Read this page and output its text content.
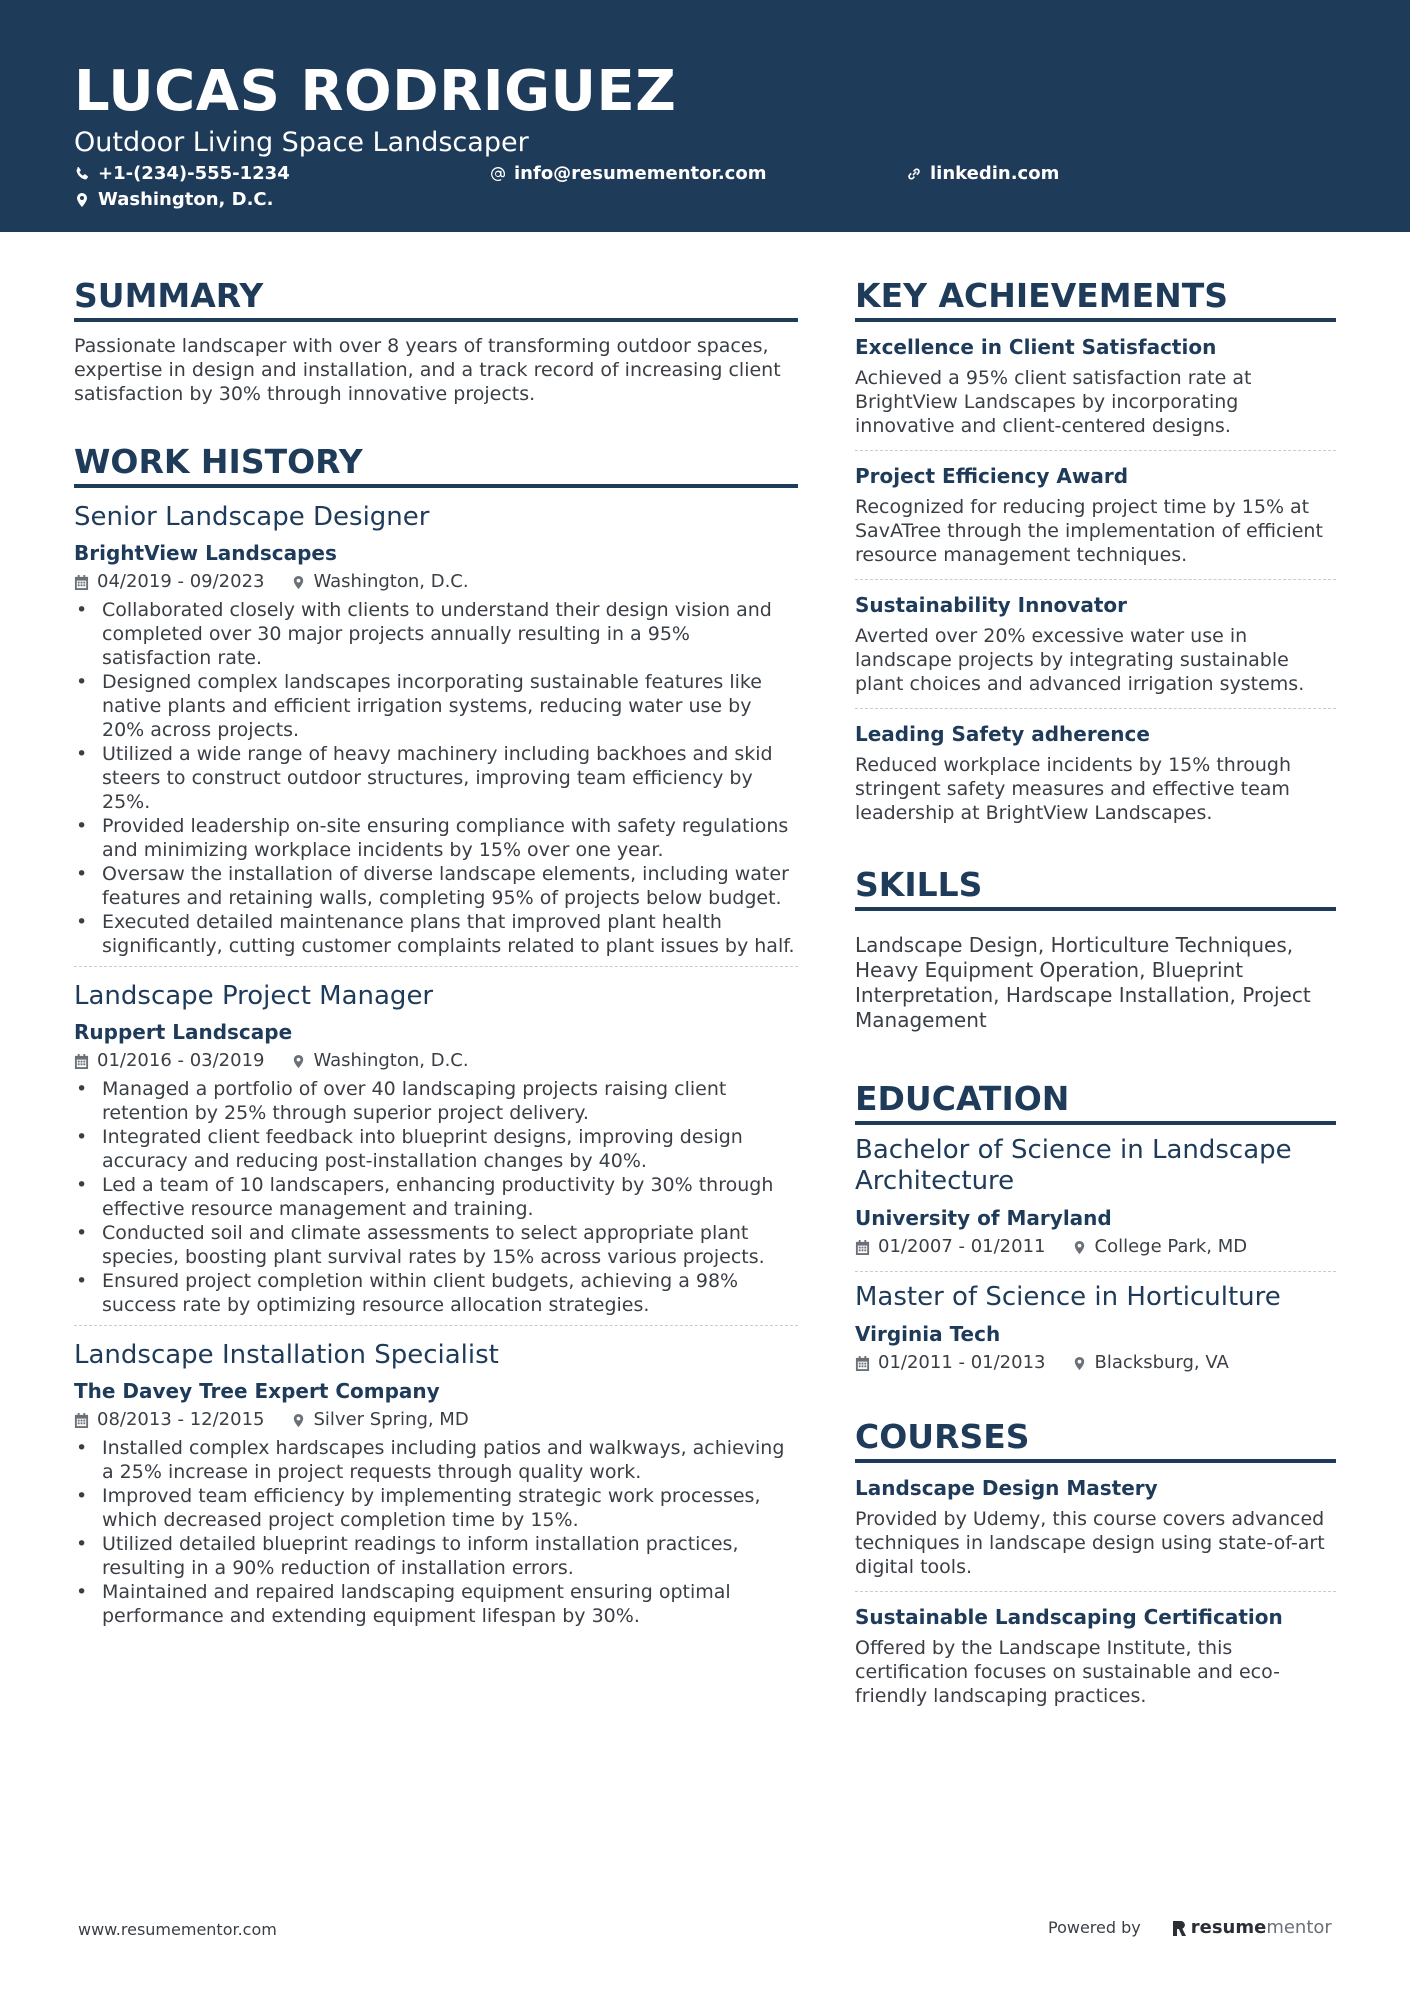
LUCAS RODRIGUEZ
Outdoor Living Space Landscaper
+1-(234)-555-1234	info@resumementor.com	linkedin.com
Washington, D.C.
SUMMARY
Passionate landscaper with over 8 years of transforming outdoor spaces, expertise in design and installation, and a track record of increasing client satisfaction by 30% through innovative projects.
WORK HISTORY
Senior Landscape Designer
BrightView Landscapes
04/2019 - 09/2023	Washington, D.C.
• Collaborated closely with clients to understand their design vision and completed over 30 major projects annually resulting in a 95% satisfaction rate.
• Designed complex landscapes incorporating sustainable features like native plants and efficient irrigation systems, reducing water use by 20% across projects.
• Utilized a wide range of heavy machinery including backhoes and skid steers to construct outdoor structures, improving team efficiency by 25%.
• Provided leadership on-site ensuring compliance with safety regulations and minimizing workplace incidents by 15% over one year.
• Oversaw the installation of diverse landscape elements, including water features and retaining walls, completing 95% of projects below budget.
• Executed detailed maintenance plans that improved plant health significantly, cutting customer complaints related to plant issues by half.
Landscape Project Manager
Ruppert Landscape
01/2016 - 03/2019	Washington, D.C.
• Managed a portfolio of over 40 landscaping projects raising client retention by 25% through superior project delivery.
• Integrated client feedback into blueprint designs, improving design accuracy and reducing post-installation changes by 40%.
• Led a team of 10 landscapers, enhancing productivity by 30% through effective resource management and training.
• Conducted soil and climate assessments to select appropriate plant species, boosting plant survival rates by 15% across various projects.
• Ensured project completion within client budgets, achieving a 98% success rate by optimizing resource allocation strategies.
Landscape Installation Specialist
The Davey Tree Expert Company
08/2013 - 12/2015	Silver Spring, MD
• Installed complex hardscapes including patios and walkways, achieving a 25% increase in project requests through quality work.
• Improved team efficiency by implementing strategic work processes, which decreased project completion time by 15%.
• Utilized detailed blueprint readings to inform installation practices, resulting in a 90% reduction of installation errors.
• Maintained and repaired landscaping equipment ensuring optimal performance and extending equipment lifespan by 30%.
KEY ACHIEVEMENTS
Excellence in Client Satisfaction
Achieved a 95% client satisfaction rate at BrightView Landscapes by incorporating innovative and client-centered designs.
Project Efficiency Award
Recognized for reducing project time by 15% at SavATree through the implementation of efficient resource management techniques.
Sustainability Innovator
Averted over 20% excessive water use in landscape projects by integrating sustainable plant choices and advanced irrigation systems.
Leading Safety adherence
Reduced workplace incidents by 15% through stringent safety measures and effective team leadership at BrightView Landscapes.
SKILLS
Landscape Design, Horticulture Techniques, Heavy Equipment Operation, Blueprint Interpretation, Hardscape Installation, Project Management
EDUCATION
Bachelor of Science in Landscape Architecture
University of Maryland
01/2007 - 01/2011	College Park, MD
Master of Science in Horticulture
Virginia Tech
01/2011 - 01/2013	Blacksburg, VA
COURSES
Landscape Design Mastery
Provided by Udemy, this course covers advanced techniques in landscape design using state-of-art digital tools.
Sustainable Landscaping Certification
Offered by the Landscape Institute, this certification focuses on sustainable and eco-friendly landscaping practices.
www.resumementor.com	Powered by	resume mentor
